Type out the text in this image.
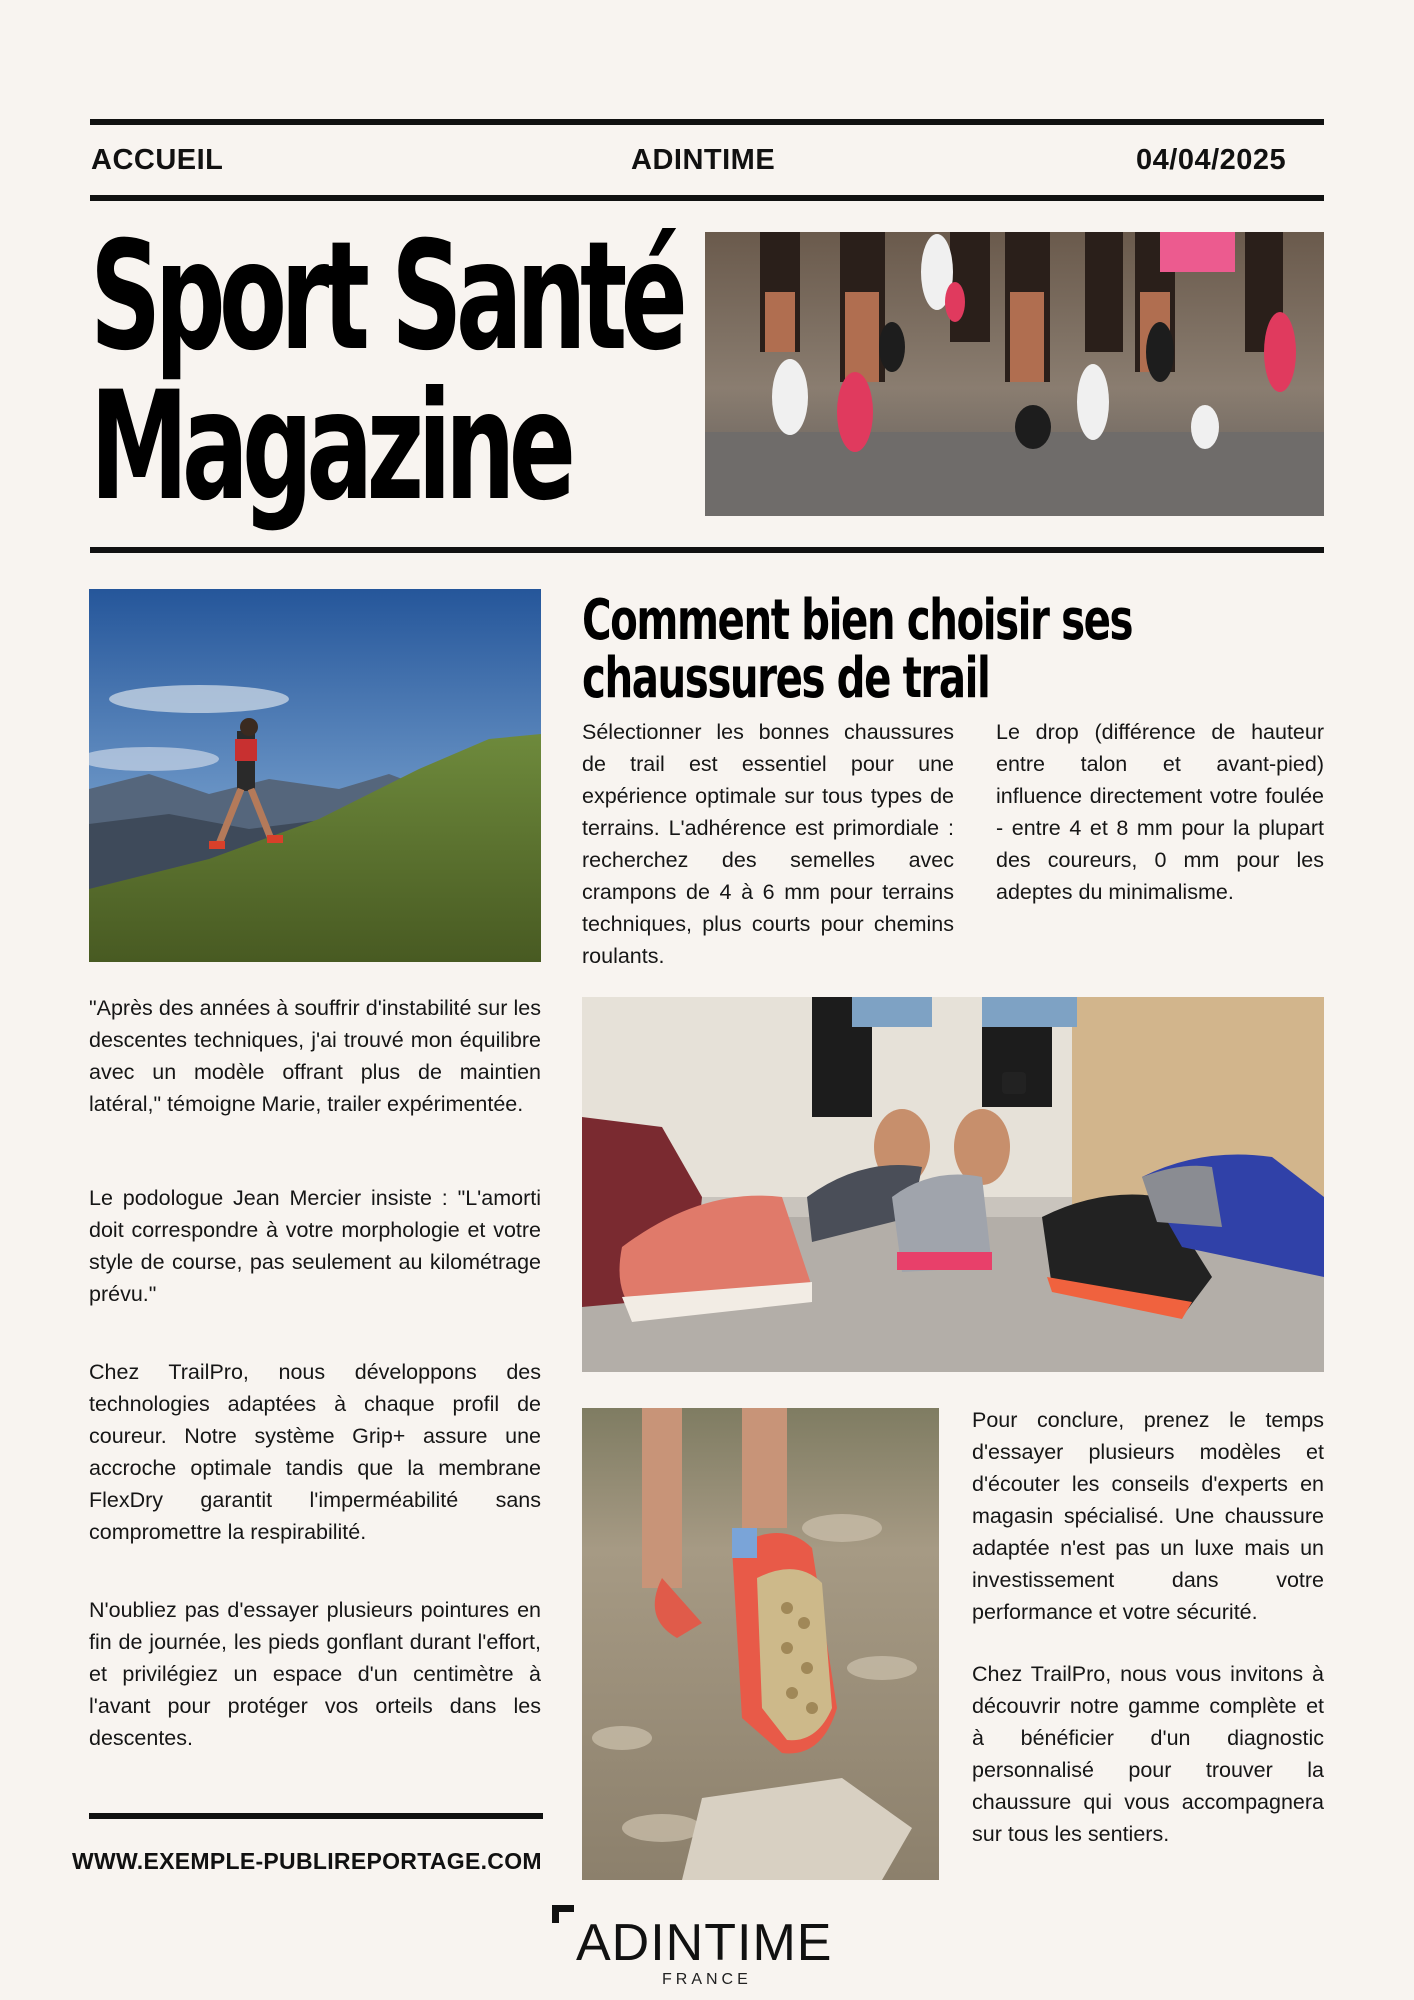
ACCUEIL	ADINTIME	04/04/2025
Sport Santé
Magazine
Comment bien choisir ses chaussures de trail
Sélectionner les bonnes chaussures de trail est essentiel pour une expérience optimale sur tous types de terrains. L'adhérence est primordiale : recherchez des semelles avec crampons de 4 à 6 mm pour terrains techniques, plus courts pour chemins roulants.
Le drop (différence de hauteur entre talon et avant-pied) influence directement votre foulée - entre 4 et 8 mm pour la plupart des coureurs, 0 mm pour les adeptes du minimalisme.
"Après des années à souffrir d'instabilité sur les descentes techniques, j'ai trouvé mon équilibre avec un modèle offrant plus de maintien latéral," témoigne Marie, trailer expérimentée.
Le podologue Jean Mercier insiste : "L'amorti doit correspondre à votre morphologie et votre style de course, pas seulement au kilométrage prévu."
Chez TrailPro, nous développons des technologies adaptées à chaque profil de coureur. Notre système Grip+ assure une accroche optimale tandis que la membrane FlexDry garantit l'imperméabilité sans compromettre la respirabilité.
N'oubliez pas d'essayer plusieurs pointures en fin de journée, les pieds gonflant durant l'effort, et privilégiez un espace d'un centimètre à l'avant pour protéger vos orteils dans les descentes.
Pour conclure, prenez le temps d'essayer plusieurs modèles et d'écouter les conseils d'experts en magasin spécialisé. Une chaussure adaptée n'est pas un luxe mais un investissement dans votre performance et votre sécurité.
Chez TrailPro, nous vous invitons à découvrir notre gamme complète et à bénéficier d'un diagnostic personnalisé pour trouver la chaussure qui vous accompagnera sur tous les sentiers.
WWW.EXEMPLE-PUBLIREPORTAGE.COM
ADINTIME
FRANCE
